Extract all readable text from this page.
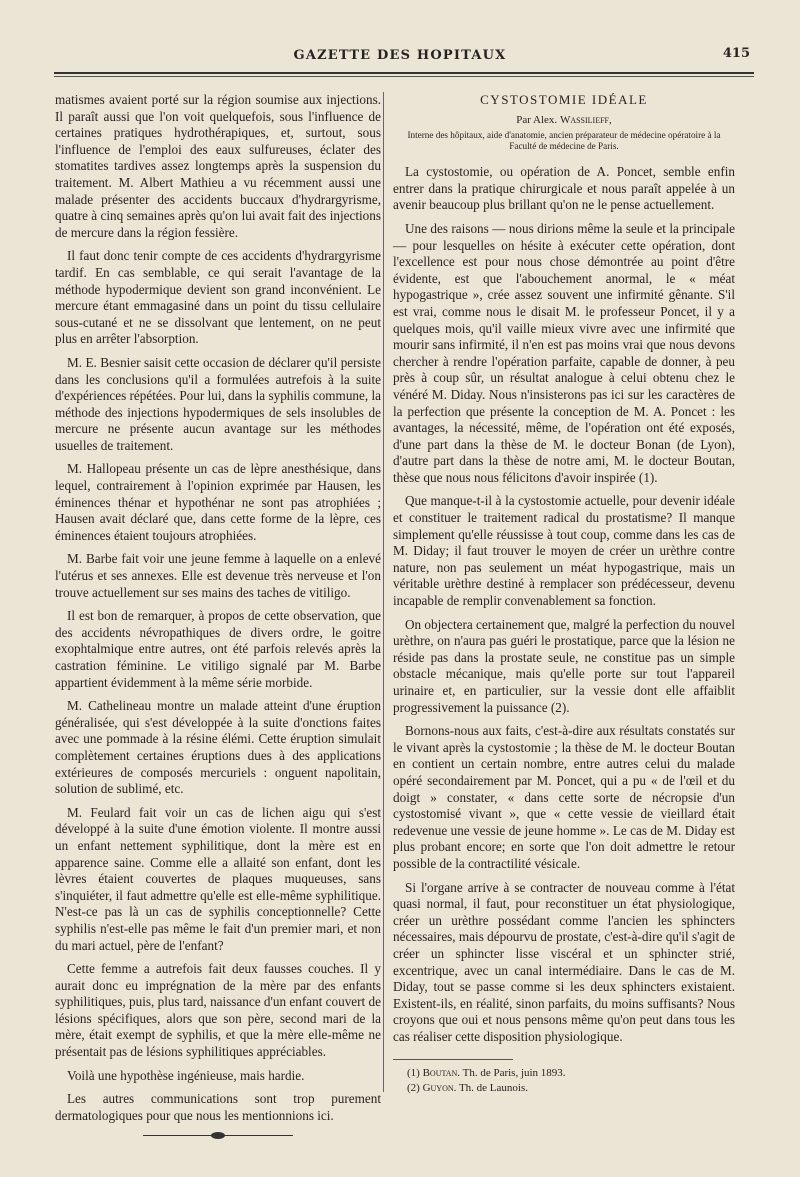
GAZETTE DES HOPITAUX	415

matismes avaient porté sur la région soumise aux injections. Il paraît aussi que l'on voit quelquefois, sous l'influence de certaines pratiques hydrothérapiques, et, surtout, sous l'influence de l'emploi des eaux sulfureuses, éclater des stomatites tardives assez longtemps après la suspension du traitement. M. Albert Mathieu a vu récemment aussi une malade présenter des accidents buccaux d'hydrargyrisme, quatre à cinq semaines après qu'on lui avait fait des injections de mercure dans la région fessière.

Il faut donc tenir compte de ces accidents d'hydrargyrisme tardif. En cas semblable, ce qui serait l'avantage de la méthode hypodermique devient son grand inconvénient. Le mercure étant emmagasiné dans un point du tissu cellulaire sous-cutané et ne se dissolvant que lentement, on ne peut plus en arrêter l'absorption.

M. E. Besnier saisit cette occasion de déclarer qu'il persiste dans les conclusions qu'il a formulées autrefois à la suite d'expériences répétées. Pour lui, dans la syphilis commune, la méthode des injections hypodermiques de sels insolubles de mercure ne présente aucun avantage sur les méthodes usuelles de traitement.

M. Hallopeau présente un cas de lèpre anesthésique, dans lequel, contrairement à l'opinion exprimée par Hausen, les éminences thénar et hypothénar ne sont pas atrophiées ; Hausen avait déclaré que, dans cette forme de la lèpre, ces éminences étaient toujours atrophiées.

M. Barbe fait voir une jeune femme à laquelle on a enlevé l'utérus et ses annexes. Elle est devenue très nerveuse et l'on trouve actuellement sur ses mains des taches de vitiligo.

Il est bon de remarquer, à propos de cette observation, que des accidents névropathiques de divers ordre, le goitre exophtalmique entre autres, ont été parfois relevés après la castration féminine. Le vitiligo signalé par M. Barbe appartient évidemment à la même série morbide.

M. Cathelineau montre un malade atteint d'une éruption généralisée, qui s'est développée à la suite d'onctions faites avec une pommade à la résine élémi. Cette éruption simulait complètement certaines éruptions dues à des applications extérieures de composés mercuriels : onguent napolitain, solution de sublimé, etc.

M. Feulard fait voir un cas de lichen aigu qui s'est développé à la suite d'une émotion violente. Il montre aussi un enfant nettement syphilitique, dont la mère est en apparence saine. Comme elle a allaité son enfant, dont les lèvres étaient couvertes de plaques muqueuses, sans s'inquiéter, il faut admettre qu'elle est elle-même syphilitique. N'est-ce pas là un cas de syphilis conceptionnelle? Cette syphilis n'est-elle pas même le fait d'un premier mari, et non du mari actuel, père de l'enfant?

Cette femme a autrefois fait deux fausses couches. Il y aurait donc eu imprégnation de la mère par des enfants syphilitiques, puis, plus tard, naissance d'un enfant couvert de lésions spécifiques, alors que son père, second mari de la mère, était exempt de syphilis, et que la mère elle-même ne présentait pas de lésions syphilitiques appréciables.

Voilà une hypothèse ingénieuse, mais hardie.

Les autres communications sont trop purement dermatologiques pour que nous les mentionnions ici.

CYSTOSTOMIE IDÉALE
Par Alex. Wassilieff,
Interne des hôpitaux, aide d'anatomie, ancien préparateur de médecine opératoire à la Faculté de médecine de Paris.

La cystostomie, ou opération de A. Poncet, semble enfin entrer dans la pratique chirurgicale et nous paraît appelée à un avenir beaucoup plus brillant qu'on ne le pense actuellement.

Une des raisons — nous dirions même la seule et la principale — pour lesquelles on hésite à exécuter cette opération, dont l'excellence est pour nous chose démontrée au point d'être évidente, est que l'abouchement anormal, le « méat hypogastrique », crée assez souvent une infirmité gênante. S'il est vrai, comme nous le disait M. le professeur Poncet, il y a quelques mois, qu'il vaille mieux vivre avec une infirmité que mourir sans infirmité, il n'en est pas moins vrai que nous devons chercher à rendre l'opération parfaite, capable de donner, à peu près à coup sûr, un résultat analogue à celui obtenu chez le vénéré M. Diday. Nous n'insisterons pas ici sur les caractères de la perfection que présente la conception de M. A. Poncet : les avantages, la nécessité, même, de l'opération ont été exposés, d'une part dans la thèse de M. le docteur Bonan (de Lyon), d'autre part dans la thèse de notre ami, M. le docteur Boutan, thèse que nous nous félicitons d'avoir inspirée (1).

Que manque-t-il à la cystostomie actuelle, pour devenir idéale et constituer le traitement radical du prostatisme? Il manque simplement qu'elle réussisse à tout coup, comme dans les cas de M. Diday; il faut trouver le moyen de créer un urèthre contre nature, non pas seulement un méat hypogastrique, mais un véritable urèthre destiné à remplacer son prédécesseur, devenu incapable de remplir convenablement sa fonction.

On objectera certainement que, malgré la perfection du nouvel urèthre, on n'aura pas guéri le prostatique, parce que la lésion ne réside pas dans la prostate seule, ne constitue pas un simple obstacle mécanique, mais qu'elle porte sur tout l'appareil urinaire et, en particulier, sur la vessie dont elle affaiblit progressivement la puissance (2).

Bornons-nous aux faits, c'est-à-dire aux résultats constatés sur le vivant après la cystostomie ; la thèse de M. le docteur Boutan en contient un certain nombre, entre autres celui du malade opéré secondairement par M. Poncet, qui a pu « de l'œil et du doigt » constater, « dans cette sorte de nécropsie d'un cystostomisé vivant », que « cette vessie de vieillard était redevenue une vessie de jeune homme ». Le cas de M. Diday est plus probant encore; en sorte que l'on doit admettre le retour possible de la contractilité vésicale.

Si l'organe arrive à se contracter de nouveau comme à l'état quasi normal, il faut, pour reconstituer un état physiologique, créer un urèthre possédant comme l'ancien les sphincters nécessaires, mais dépourvu de prostate, c'est-à-dire qu'il s'agit de créer un sphincter lisse viscéral et un sphincter strié, excentrique, avec un canal intermédiaire. Dans le cas de M. Diday, tout se passe comme si les deux sphincters existaient. Existent-ils, en réalité, sinon parfaits, du moins suffisants? Nous croyons que oui et nous pensons même qu'on peut dans tous les cas réaliser cette disposition physiologique.

(1) Boutan. Th. de Paris, juin 1893.
(2) Guyon. Th. de Launois.
